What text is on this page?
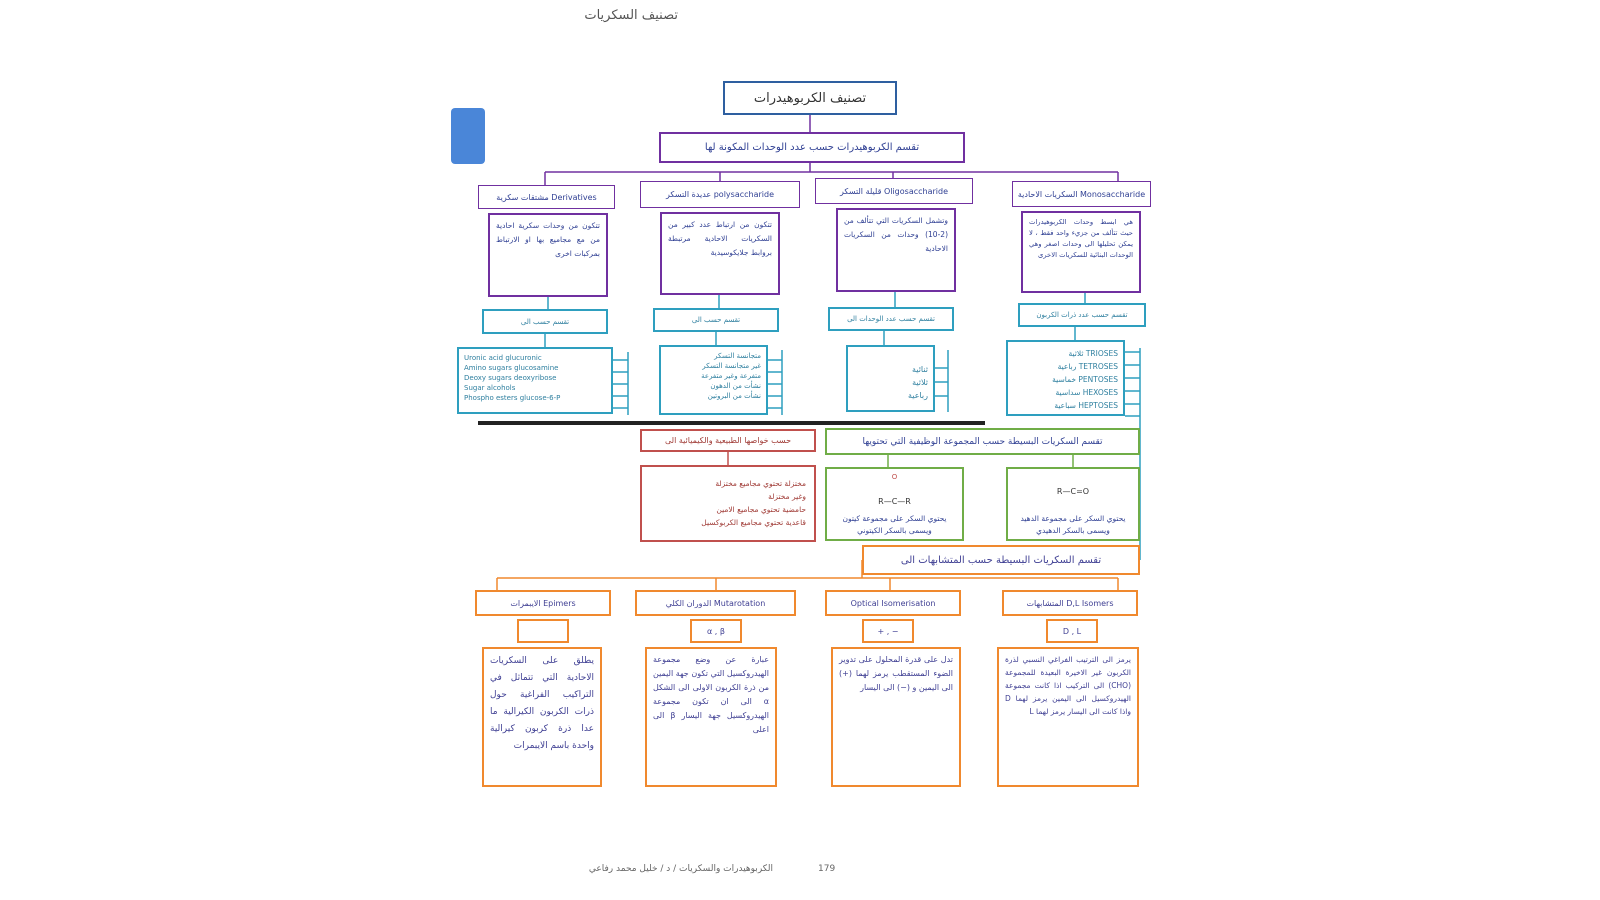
تصنيف السكريات
الكربوهيدرات والسكريات / د / خليل محمد رفاعي	179
تصنيف الكربوهيدرات
تقسم الكربوهيدرات حسب عدد الوحدات المكونة لها
Derivatives مشتقات سكرية	polysaccharide عديدة التسكر	Oligosaccharide قليلة التسكر	Monosaccharide السكريات الاحادية
تتكون من وحدات سكرية احادية من مع مجاميع بها او الارتباط بمركبات اخرى
تتكون من ارتباط عدد كبير من السكريات الاحادية مرتبطة بروابط جلايكوسيدية
وتشمل السكريات التي تتألف من (2-10) وحدات من السكريات الاحادية
هي ابسط وحدات الكربوهيدرات حيث تتألف من جزيء واحد فقط ، لا يمكن تحليلها الى وحدات اصغر وهي الوحدات البنائية للسكريات الاخرى
تقسم حسب الى	تقسم حسب الى	تقسم حسب عدد الوحدات الى	تقسم حسب عدد ذرات الكربون
Uronic acid glucuronic
Amino sugars glucosamine
Deoxy sugars deoxyribose
Sugar alcohols
Phospho esters glucose-6-P
متجانسة التسكر
غير متجانسة التسكر
متفرعة وغير متفرعة
نشأت من الدهون
نشأت من البروتين
ثنائية
ثلاثية
رباعية
TRIOSES ثلاثية
TETROSES رباعية
PENTOSES خماسية
HEXOSES سداسية
HEPTOSES سباعية
حسب خواصها الطبيعية والكيميائية الى
مختزلة تحتوي مجاميع مختزلة
وغير مختزلة
حامضية تحتوي مجاميع الامين
قاعدية تحتوي مجاميع الكربوكسيل
تقسم السكريات البسيطة حسب المجموعة الوظيفية التي تحتويها
O
R—C—R
يحتوي السكر على مجموعة كيتون ويسمى بالسكر الكيتوني
R—C=O
يحتوي السكر على مجموعة الدهيد ويسمى بالسكر الدهيدي
تقسم السكريات البسيطة حسب المتشابهات الى
Epimers الايبمرات	Mutarotation الدوران الكلي	Optical Isomerisation	D,L Isomers المتشابهات
α , β	+ , −	D , L
يطلق على السكريات الاحادية التي تتماثل في التراكيب الفراغية حول ذرات الكربون الكيرالية ما عدا ذرة كربون كيرالية واحدة باسم الايبمرات
عبارة عن وضع مجموعة الهيدروكسيل التي تكون جهة اليمين من ذرة الكربون الاولى الى الشكل α الى ان تكون مجموعة الهيدروكسيل جهة اليسار β الى اعلى
تدل على قدرة المحلول على تدوير الضوء المستقطب يرمز لهما (+) الى اليمين و (−) الى اليسار
يرمز الى الترتيب الفراغي النسبي لذرة الكربون غير الاخيرة البعيدة للمجموعة (CHO) الى التركيب اذا كانت مجموعة الهيدروكسيل الى اليمين يرمز لهما D واذا كانت الى اليسار يرمز لهما L
